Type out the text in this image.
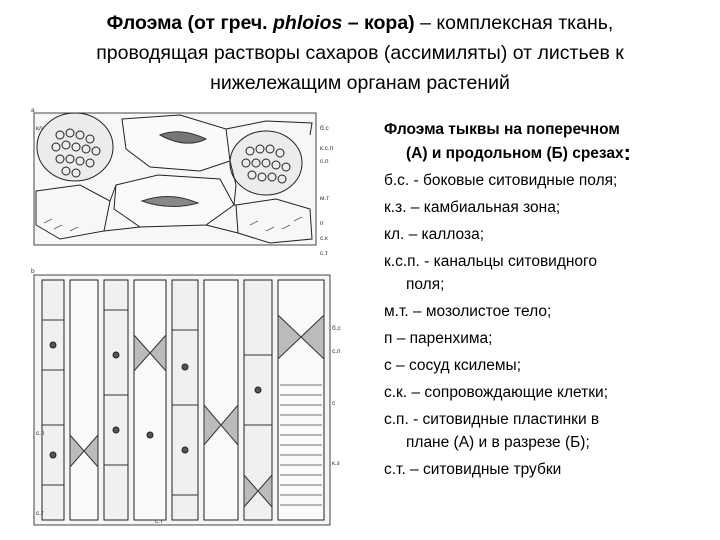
Флоэма (от греч. phloios – кора) – комплексная ткань,
проводящая растворы сахаров (ассимиляты) от листьев к
нижележащим органам растений
a
b
б.с
к.с.п
с.п
м.т
п
с.к
с.т
кл
б.с
с.п
к.з
с
с.п
с.т
с.т
Флоэма тыквы на поперечном
(А) и продольном (Б) срезах:
б.с. - боковые ситовидные поля;
к.з. – камбиальная зона;
кл. – каллоза;
к.с.п. - канальцы ситовидного
поля;
м.т. – мозолистое тело;
п – паренхима;
с – сосуд ксилемы;
с.к. – сопровождающие клетки;
с.п. - ситовидные пластинки в
плане (А) и в разрезе (Б);
с.т. – ситовидные трубки
